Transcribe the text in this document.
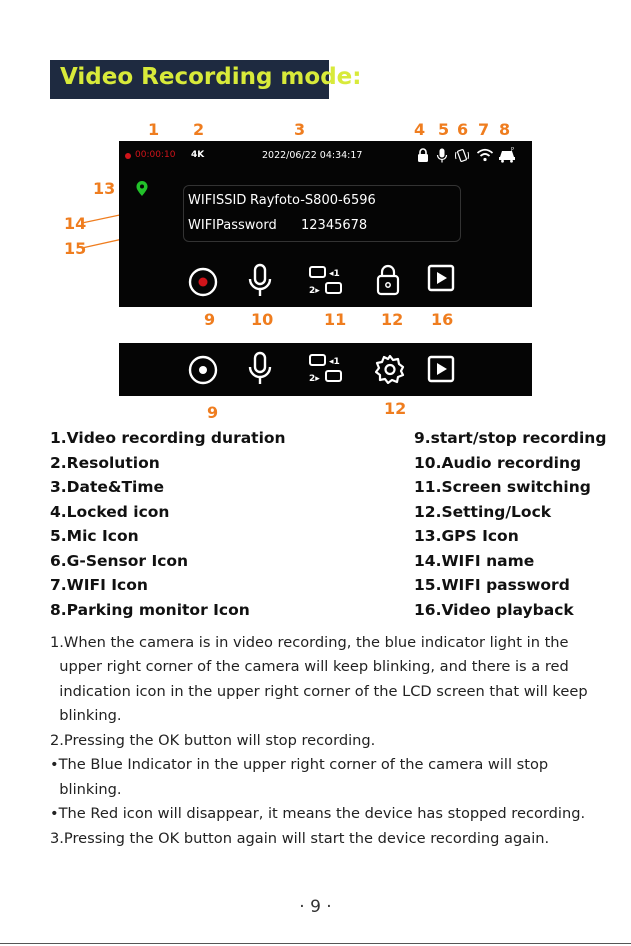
Video Recording mode:
1 2	3	4 5 6 7 8
13
14
15
00:00:10 4K	2022/06/22 04:34:17	P
WIFISSID Rayfoto-S800-6596
WIFIPassword 12345678
◂1
2▸
9 10	11 12 16
◂1
2▸
9	12
1.Video recording duration
2.Resolution
3.Date&Time
4.Locked icon
5.Mic Icon
6.G-Sensor Icon
7.WIFI Icon
8.Parking monitor Icon
9.start/stop recording
10.Audio recording
11.Screen switching
12.Setting/Lock
13.GPS Icon
14.WIFI name
15.WIFI password
16.Video playback
1.When the camera is in video recording, the blue indicator light in the
upper right corner of the camera will keep blinking, and there is a red
indication icon in the upper right corner of the LCD screen that will keep
blinking.
2.Pressing the OK button will stop recording.
•The Blue Indicator in the upper right corner of the camera will stop
blinking.
•The Red icon will disappear, it means the device has stopped recording.
3.Pressing the OK button again will start the device recording again.
· 9 ·
